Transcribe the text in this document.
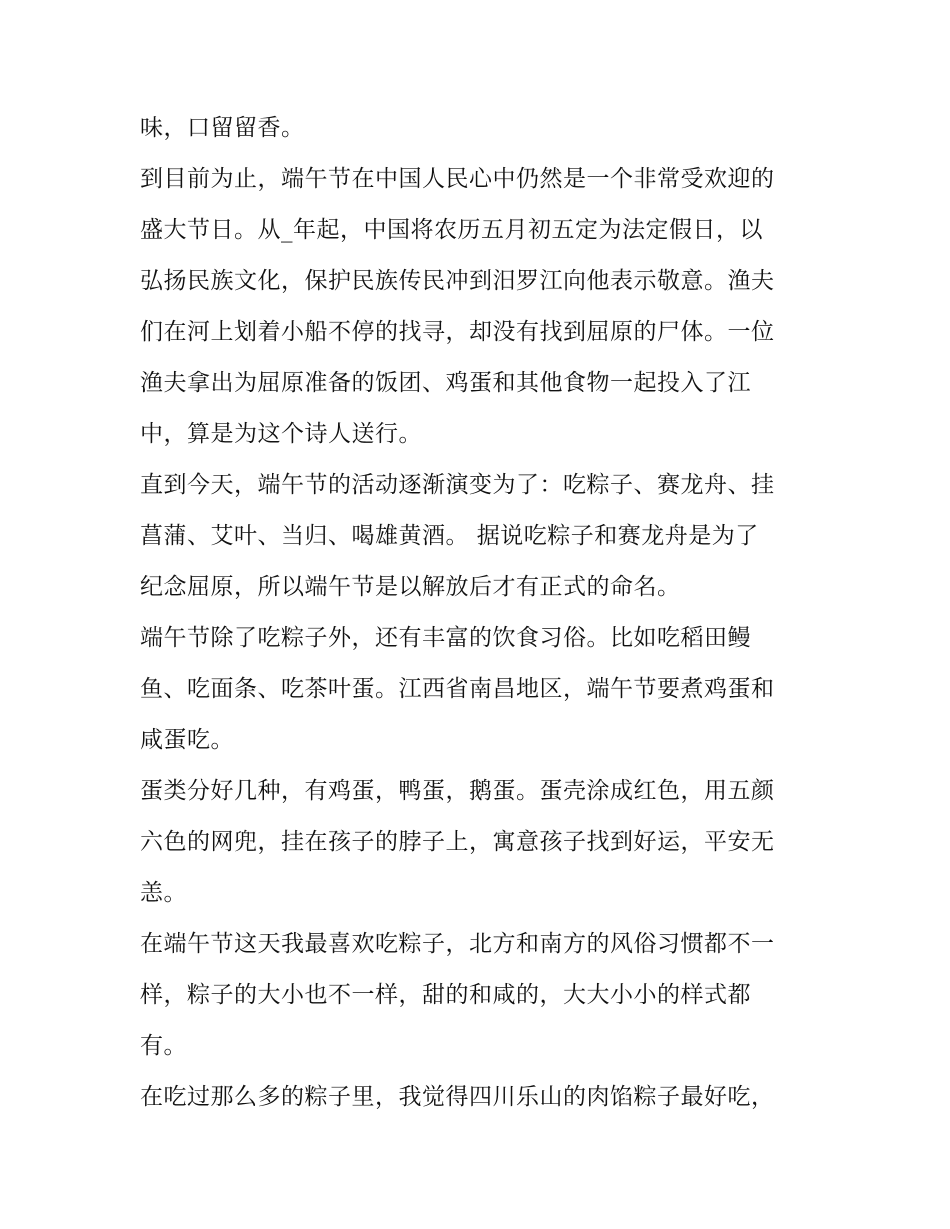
味，口留留香。

到目前为止，端午节在中国人民心中仍然是一个非常受欢迎的

盛大节日。从_年起，中国将农历五月初五定为法定假日，以

弘扬民族文化，保护民族传民冲到汨罗江向他表示敬意。渔夫

们在河上划着小船不停的找寻，却没有找到屈原的尸体。一位

渔夫拿出为屈原准备的饭团、鸡蛋和其他食物一起投入了江

中，算是为这个诗人送行。

直到今天，端午节的活动逐渐演变为了：吃粽子、赛龙舟、挂

菖蒲、艾叶、当归、喝雄黄酒。 据说吃粽子和赛龙舟是为了

纪念屈原，所以端午节是以解放后才有正式的命名。

端午节除了吃粽子外，还有丰富的饮食习俗。比如吃稻田鳗

鱼、吃面条、吃茶叶蛋。江西省南昌地区，端午节要煮鸡蛋和

咸蛋吃。

蛋类分好几种，有鸡蛋，鸭蛋，鹅蛋。蛋壳涂成红色，用五颜

六色的网兜，挂在孩子的脖子上，寓意孩子找到好运，平安无

恙。

在端午节这天我最喜欢吃粽子，北方和南方的风俗习惯都不一

样，粽子的大小也不一样，甜的和咸的，大大小小的样式都

有。

在吃过那么多的粽子里，我觉得四川乐山的肉馅粽子最好吃，
